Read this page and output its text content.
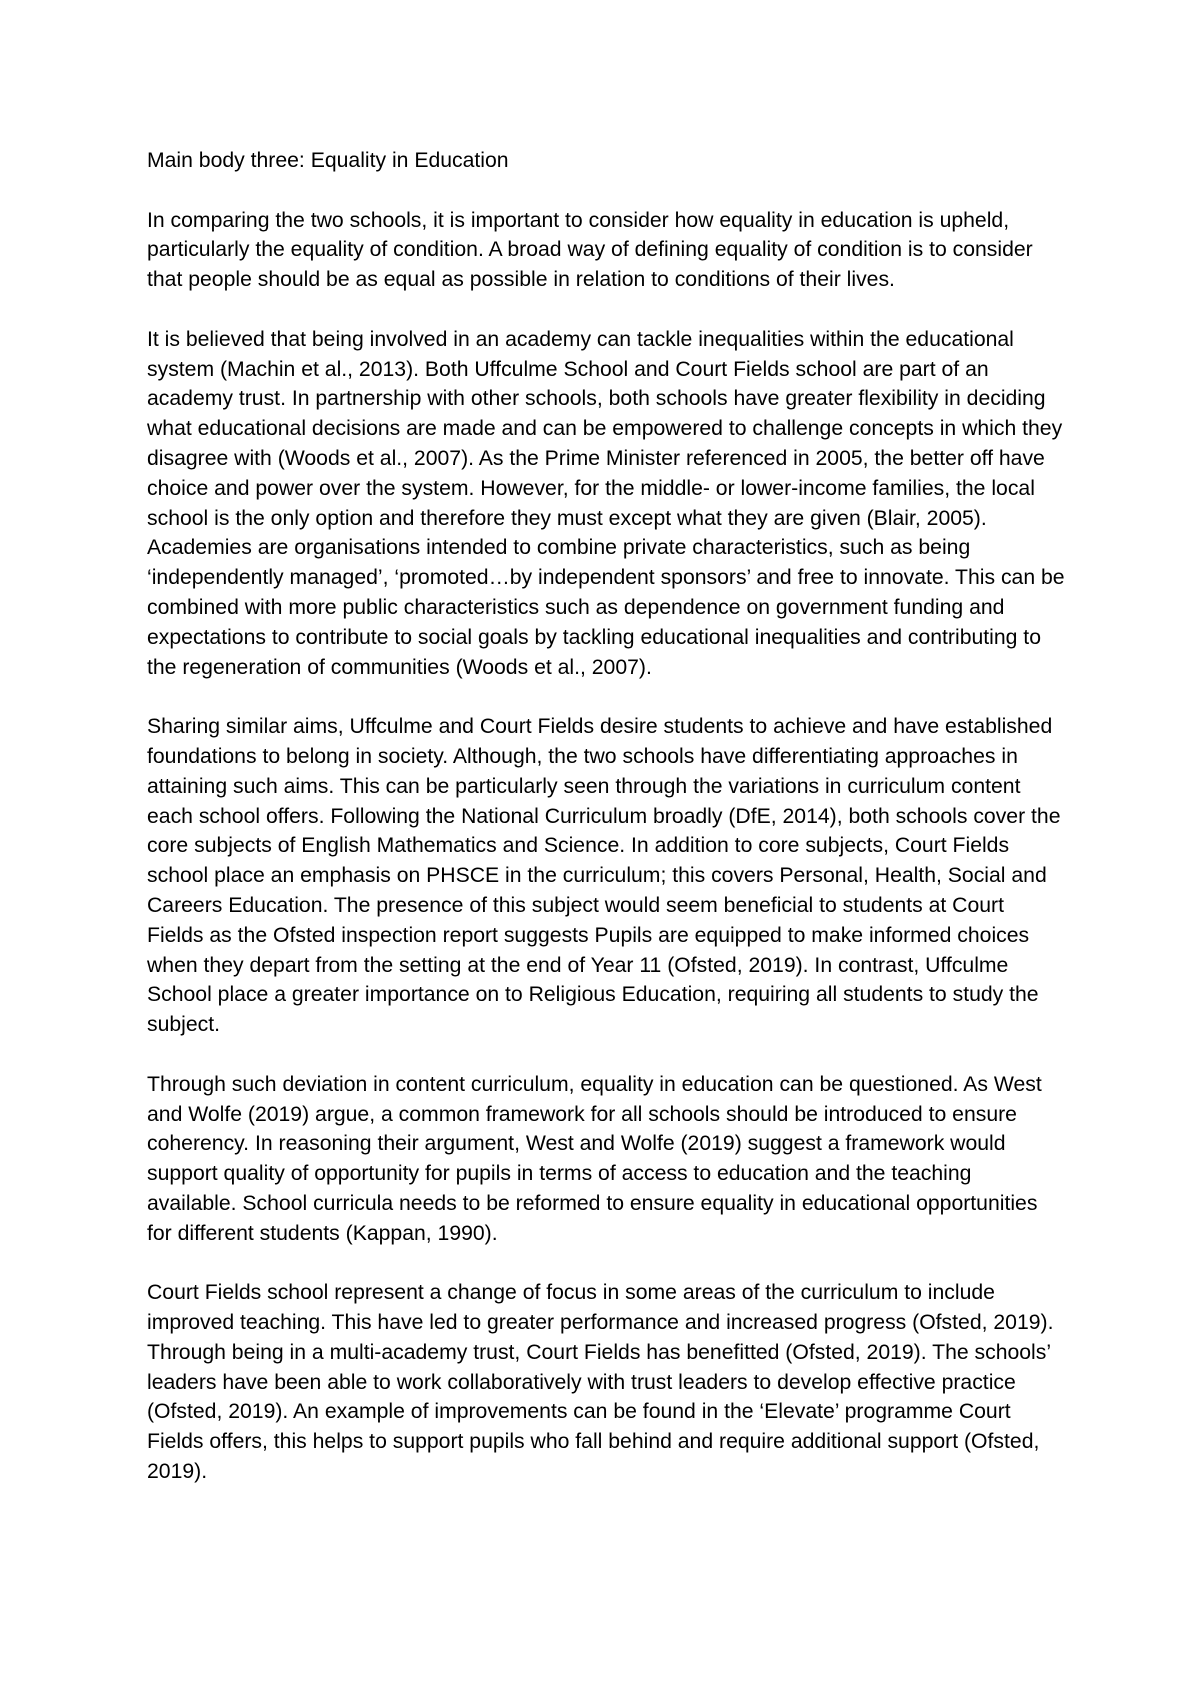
Main body three: Equality in Education

In comparing the two schools, it is important to consider how equality in education is upheld, particularly the equality of condition. A broad way of defining equality of condition is to consider that people should be as equal as possible in relation to conditions of their lives.

It is believed that being involved in an academy can tackle inequalities within the educational system (Machin et al., 2013). Both Uffculme School and Court Fields school are part of an academy trust. In partnership with other schools, both schools have greater flexibility in deciding what educational decisions are made and can be empowered to challenge concepts in which they disagree with (Woods et al., 2007). As the Prime Minister referenced in 2005, the better off have choice and power over the system. However, for the middle- or lower-income families, the local school is the only option and therefore they must except what they are given (Blair, 2005). Academies are organisations intended to combine private characteristics, such as being ‘independently managed’, ‘promoted…by independent sponsors’ and free to innovate. This can be combined with more public characteristics such as dependence on government funding and expectations to contribute to social goals by tackling educational inequalities and contributing to the regeneration of communities (Woods et al., 2007).

Sharing similar aims, Uffculme and Court Fields desire students to achieve and have established foundations to belong in society. Although, the two schools have differentiating approaches in attaining such aims. This can be particularly seen through the variations in curriculum content each school offers. Following the National Curriculum broadly (DfE, 2014), both schools cover the core subjects of English Mathematics and Science. In addition to core subjects, Court Fields school place an emphasis on PHSCE in the curriculum; this covers Personal, Health, Social and Careers Education. The presence of this subject would seem beneficial to students at Court Fields as the Ofsted inspection report suggests Pupils are equipped to make informed choices when they depart from the setting at the end of Year 11 (Ofsted, 2019). In contrast, Uffculme School place a greater importance on to Religious Education, requiring all students to study the subject.

Through such deviation in content curriculum, equality in education can be questioned. As West and Wolfe (2019) argue, a common framework for all schools should be introduced to ensure coherency. In reasoning their argument, West and Wolfe (2019) suggest a framework would support quality of opportunity for pupils in terms of access to education and the teaching available. School curricula needs to be reformed to ensure equality in educational opportunities for different students (Kappan, 1990).

Court Fields school represent a change of focus in some areas of the curriculum to include improved teaching. This have led to greater performance and increased progress (Ofsted, 2019). Through being in a multi-academy trust, Court Fields has benefitted (Ofsted, 2019). The schools’ leaders have been able to work collaboratively with trust leaders to develop effective practice (Ofsted, 2019). An example of improvements can be found in the ‘Elevate’ programme Court Fields offers, this helps to support pupils who fall behind and require additional support (Ofsted, 2019).
